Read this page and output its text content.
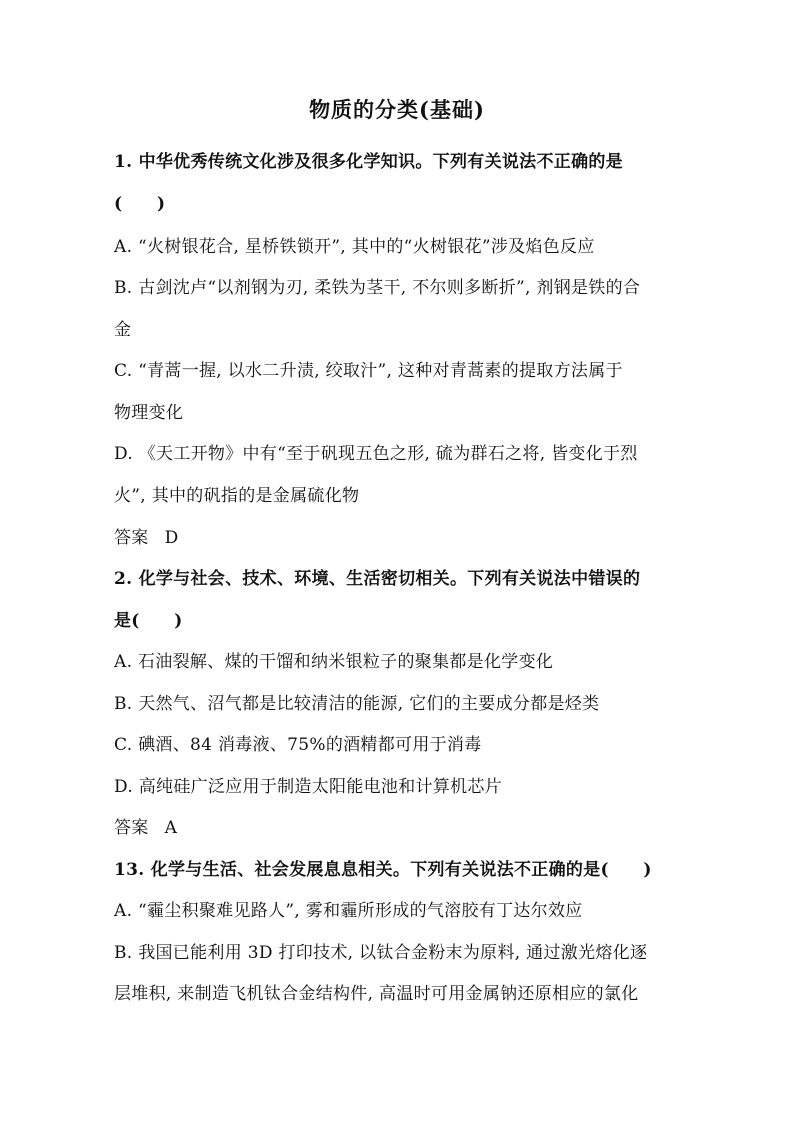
物质的分类(基础)
1. 中华优秀传统文化涉及很多化学知识。下列有关说法不正确的是
(　　)
A. “火树银花合, 星桥铁锁开”, 其中的“火树银花”涉及焰色反应
B. 古剑沈卢“以剂钢为刃, 柔铁为茎干, 不尔则多断折”, 剂钢是铁的合
金
C. “青蒿一握, 以水二升渍, 绞取汁”, 这种对青蒿素的提取方法属于
物理变化
D. 《天工开物》中有“至于矾现五色之形, 硫为群石之将, 皆变化于烈
火”, 其中的矾指的是金属硫化物
答案 D
2. 化学与社会、技术、环境、生活密切相关。下列有关说法中错误的
是(　　)
A. 石油裂解、煤的干馏和纳米银粒子的聚集都是化学变化
B. 天然气、沼气都是比较清洁的能源, 它们的主要成分都是烃类
C. 碘酒、84 消毒液、75%的酒精都可用于消毒
D. 高纯硅广泛应用于制造太阳能电池和计算机芯片
答案 A
13. 化学与生活、社会发展息息相关。下列有关说法不正确的是(　　)
A. “霾尘积聚难见路人”, 雾和霾所形成的气溶胶有丁达尔效应
B. 我国已能利用 3D 打印技术, 以钛合金粉末为原料, 通过激光熔化逐
层堆积, 来制造飞机钛合金结构件, 高温时可用金属钠还原相应的氯化
